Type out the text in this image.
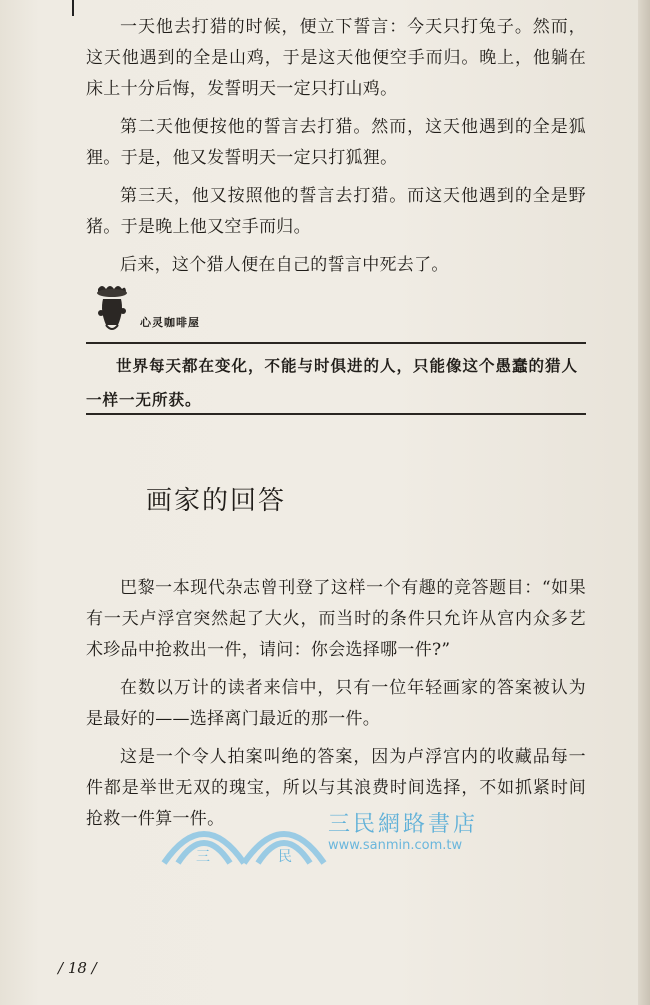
一天他去打猎的时候，便立下誓言：今天只打兔子。然而，这天他遇到的全是山鸡，于是这天他便空手而归。晚上，他躺在床上十分后悔，发誓明天一定只打山鸡。

第二天他便按他的誓言去打猎。然而，这天他遇到的全是狐狸。于是，他又发誓明天一定只打狐狸。

第三天，他又按照他的誓言去打猎。而这天他遇到的全是野猪。于是晚上他又空手而归。

后来，这个猎人便在自己的誓言中死去了。

心灵咖啡屋

世界每天都在变化，不能与时俱进的人，只能像这个愚蠢的猎人一样一无所获。

画家的回答

巴黎一本现代杂志曾刊登了这样一个有趣的竞答题目：“如果有一天卢浮宫突然起了大火，而当时的条件只允许从宫内众多艺术珍品中抢救出一件，请问：你会选择哪一件?”

在数以万计的读者来信中，只有一位年轻画家的答案被认为是最好的——选择离门最近的那一件。

这是一个令人拍案叫绝的答案，因为卢浮宫内的收藏品每一件都是举世无双的瑰宝，所以与其浪费时间选择，不如抓紧时间抢救一件算一件。

三	民
三民網路書店
www.sanmin.com.tw
/ 18 /
